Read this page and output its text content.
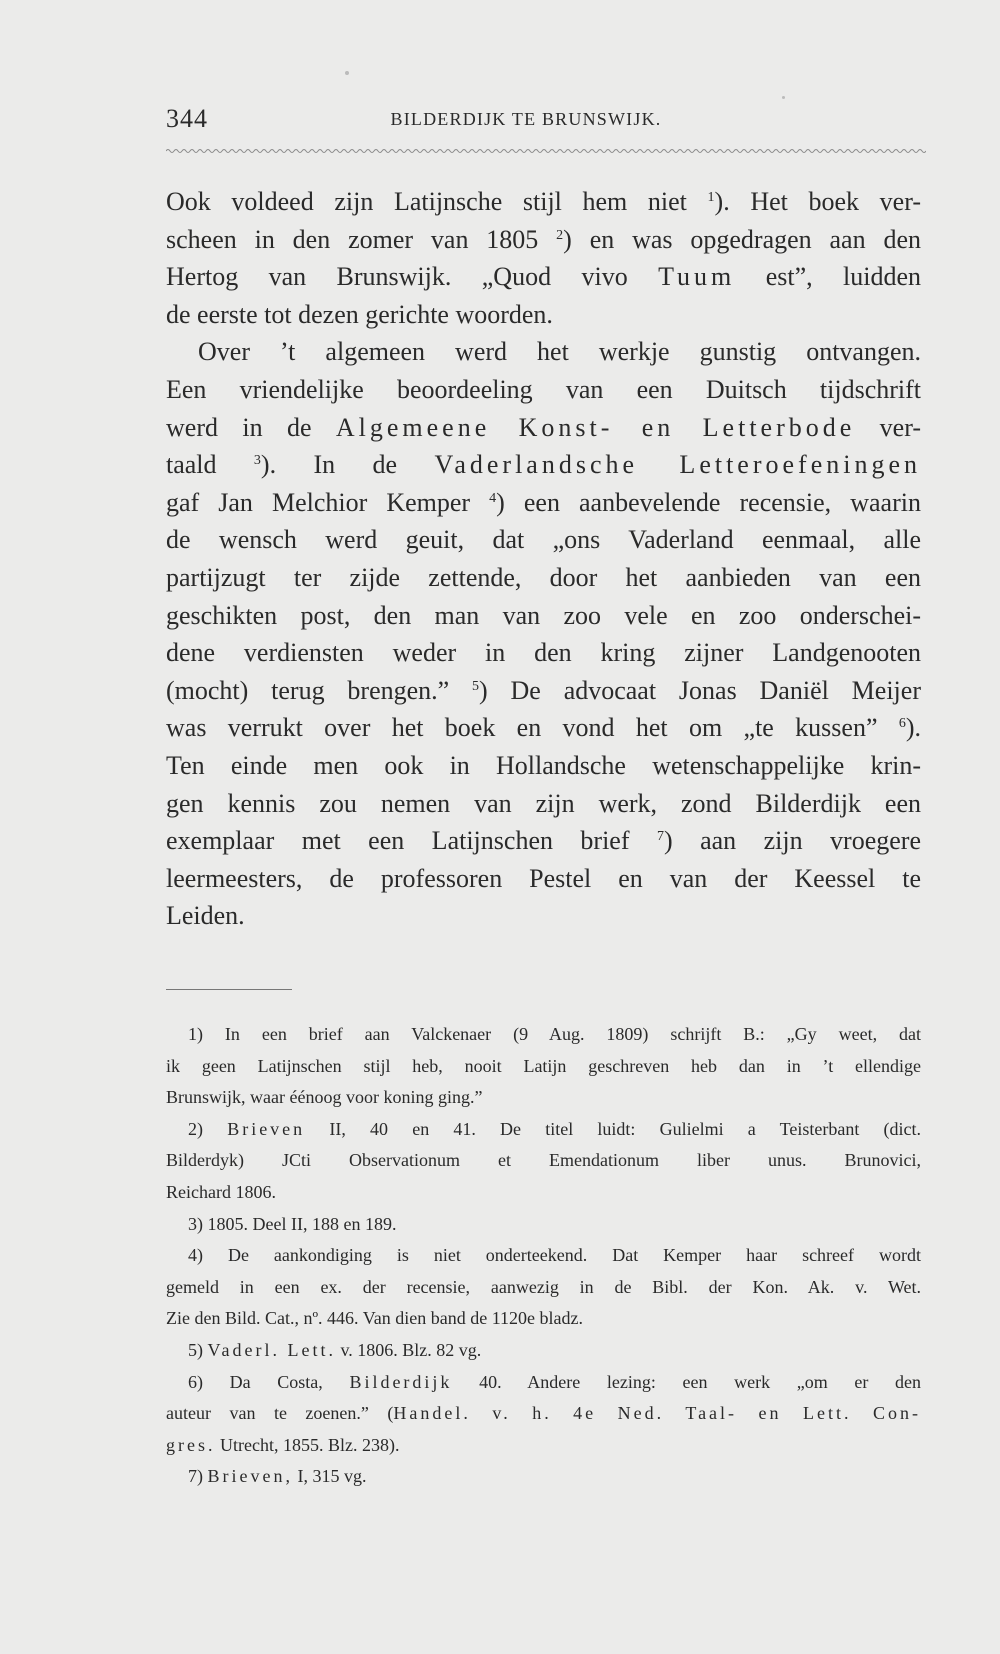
344	BILDERDIJK TE BRUNSWIJK.
Ook voldeed zijn Latijnsche stijl hem niet $^1$). Het boek ver-
scheen in den zomer van 1805 $^2$) en was opgedragen aan den
Hertog van Brunswijk. „Quod vivo Tuum est”, luidden
de eerste tot dezen gerichte woorden.
Over ’t algemeen werd het werkje gunstig ontvangen.
Een vriendelijke beoordeeling van een Duitsch tijdschrift
werd in de Algemeene Konst- en Letterbode ver-
taald $^3$). In de Vaderlandsche Letteroefeningen
gaf Jan Melchior Kemper $^4$) een aanbevelende recensie, waarin
de wensch werd geuit, dat „ons Vaderland eenmaal, alle
partijzugt ter zijde zettende, door het aanbieden van een
geschikten post, den man van zoo vele en zoo onderschei-
dene verdiensten weder in den kring zijner Landgenooten
(mocht) terug brengen.” $^5$) De advocaat Jonas Daniël Meijer
was verrukt over het boek en vond het om „te kussen” $^6$).
Ten einde men ook in Hollandsche wetenschappelijke krin-
gen kennis zou nemen van zijn werk, zond Bilderdijk een
exemplaar met een Latijnschen brief $^7$) aan zijn vroegere
leermeesters, de professoren Pestel en van der Keessel te
Leiden.
1) In een brief aan Valckenaer (9 Aug. 1809) schrijft B.: „Gy weet, dat
ik geen Latijnschen stijl heb, nooit Latijn geschreven heb dan in ’t ellendige
Brunswijk, waar éénoog voor koning ging.”
2) Brieven II, 40 en 41. De titel luidt: Gulielmi a Teisterbant (dict.
Bilderdyk) JCti Observationum et Emendationum liber unus. Brunovici,
Reichard 1806.
3) 1805. Deel II, 188 en 189.
4) De aankondiging is niet onderteekend. Dat Kemper haar schreef wordt
gemeld in een ex. der recensie, aanwezig in de Bibl. der Kon. Ak. v. Wet.
Zie den Bild. Cat., nº. 446. Van dien band de 1120e bladz.
5) Vaderl. Lett. v. 1806. Blz. 82 vg.
6) Da Costa, Bilderdijk 40. Andere lezing: een werk „om er den
auteur van te zoenen.” (Handel. v. h. 4e Ned. Taal- en Lett. Con-
gres. Utrecht, 1855. Blz. 238).
7) Brieven, I, 315 vg.
